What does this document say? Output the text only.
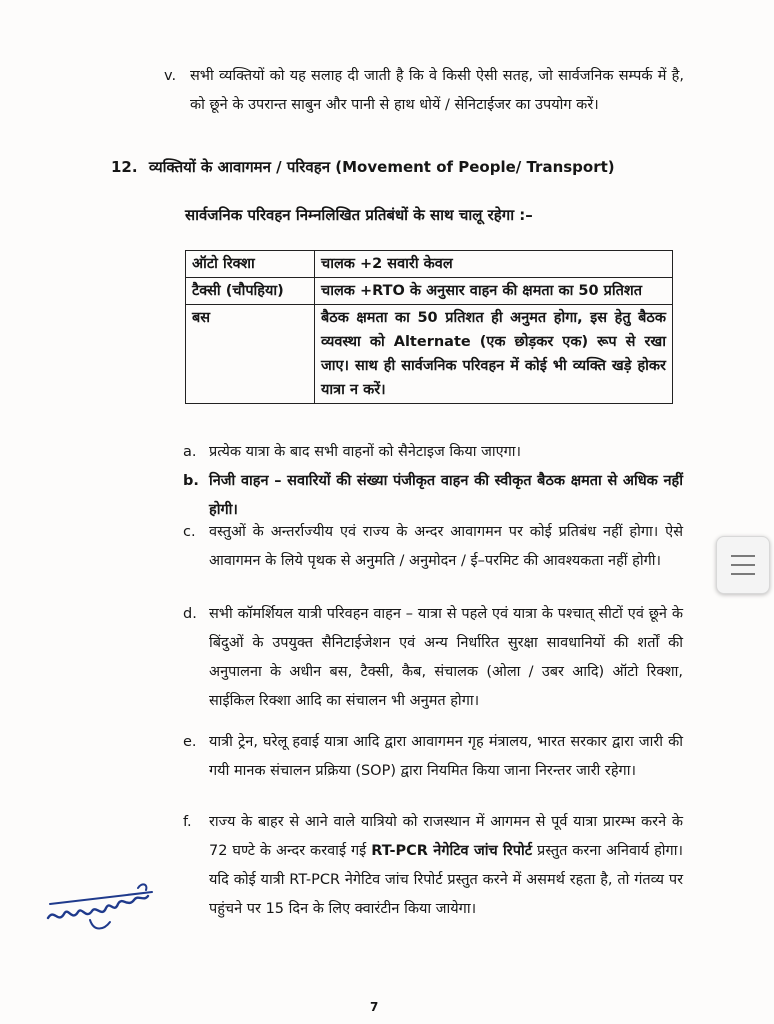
v. सभी व्यक्तियों को यह सलाह दी जाती है कि वे किसी ऐसी सतह, जो सार्वजनिक सम्पर्क में है, को छूने के उपरान्त साबुन और पानी से हाथ धोयें / सेनिटाईजर का उपयोग करें।
12. व्यक्तियों के आवागमन / परिवहन (Movement of People/ Transport)
सार्वजनिक परिवहन निम्नलिखित प्रतिबंधों के साथ चालू रहेगा :–
ऑटो रिक्शा	चालक +2 सवारी केवल
टैक्सी (चौपहिया)	चालक +RTO के अनुसार वाहन की क्षमता का 50 प्रतिशत
बस	बैठक क्षमता का 50 प्रतिशत ही अनुमत होगा, इस हेतु बैठक व्यवस्था को Alternate (एक छोड़कर एक) रूप से रखा जाए। साथ ही सार्वजनिक परिवहन में कोई भी व्यक्ति खड़े होकर यात्रा न करें।
a. प्रत्येक यात्रा के बाद सभी वाहनों को सैनेटाइज किया जाएगा।
b. निजी वाहन – सवारियों की संख्या पंजीकृत वाहन की स्वीकृत बैठक क्षमता से अधिक नहीं होगी।
c. वस्तुओं के अन्तर्राज्यीय एवं राज्य के अन्दर आवागमन पर कोई प्रतिबंध नहीं होगा। ऐसे आवागमन के लिये पृथक से अनुमति / अनुमोदन / ई–परमिट की आवश्यकता नहीं होगी।
d. सभी कॉमर्शियल यात्री परिवहन वाहन – यात्रा से पहले एवं यात्रा के पश्चात् सीटों एवं छूने के बिंदुओं के उपयुक्त सैनिटाईजेशन एवं अन्य निर्धारित सुरक्षा सावधानियों की शर्तों की अनुपालना के अधीन बस, टैक्सी, कैब, संचालक (ओला / उबर आदि) ऑटो रिक्शा, साईकिल रिक्शा आदि का संचालन भी अनुमत होगा।
e. यात्री ट्रेन, घरेलू हवाई यात्रा आदि द्वारा आवागमन गृह मंत्रालय, भारत सरकार द्वारा जारी की गयी मानक संचालन प्रक्रिया (SOP) द्वारा नियमित किया जाना निरन्तर जारी रहेगा।
f.	राज्य के बाहर से आने वाले यात्रियो को राजस्थान में आगमन से पूर्व यात्रा प्रारम्भ करने के 72 घण्टे के अन्दर करवाई गई RT-PCR नेगेटिव जांच रिपोर्ट प्रस्तुत करना अनिवार्य होगा। यदि कोई यात्री RT-PCR नेगेटिव जांच रिपोर्ट प्रस्तुत करने में असमर्थ रहता है, तो गंतव्य पर पहुंचने पर 15 दिन के लिए क्वारंटीन किया जायेगा।
7
